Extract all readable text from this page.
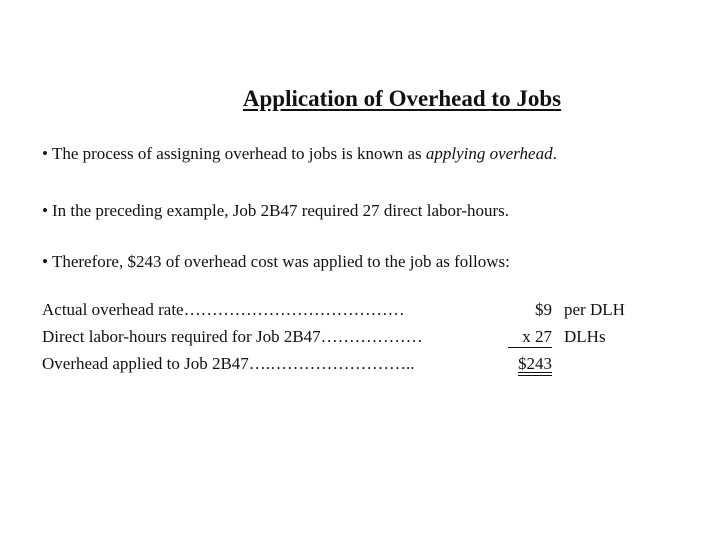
Application of Overhead to Jobs
• The process of assigning overhead to jobs is known as applying overhead.
• In the preceding example, Job 2B47 required 27 direct labor-hours.
• Therefore, $243 of overhead cost was applied to the job as follows:
Actual overhead rate…………………………………	$9 per DLH
Direct labor-hours required for Job 2B47………………	x 27 DLHs
Overhead applied to Job 2B47….……………………..	$243
